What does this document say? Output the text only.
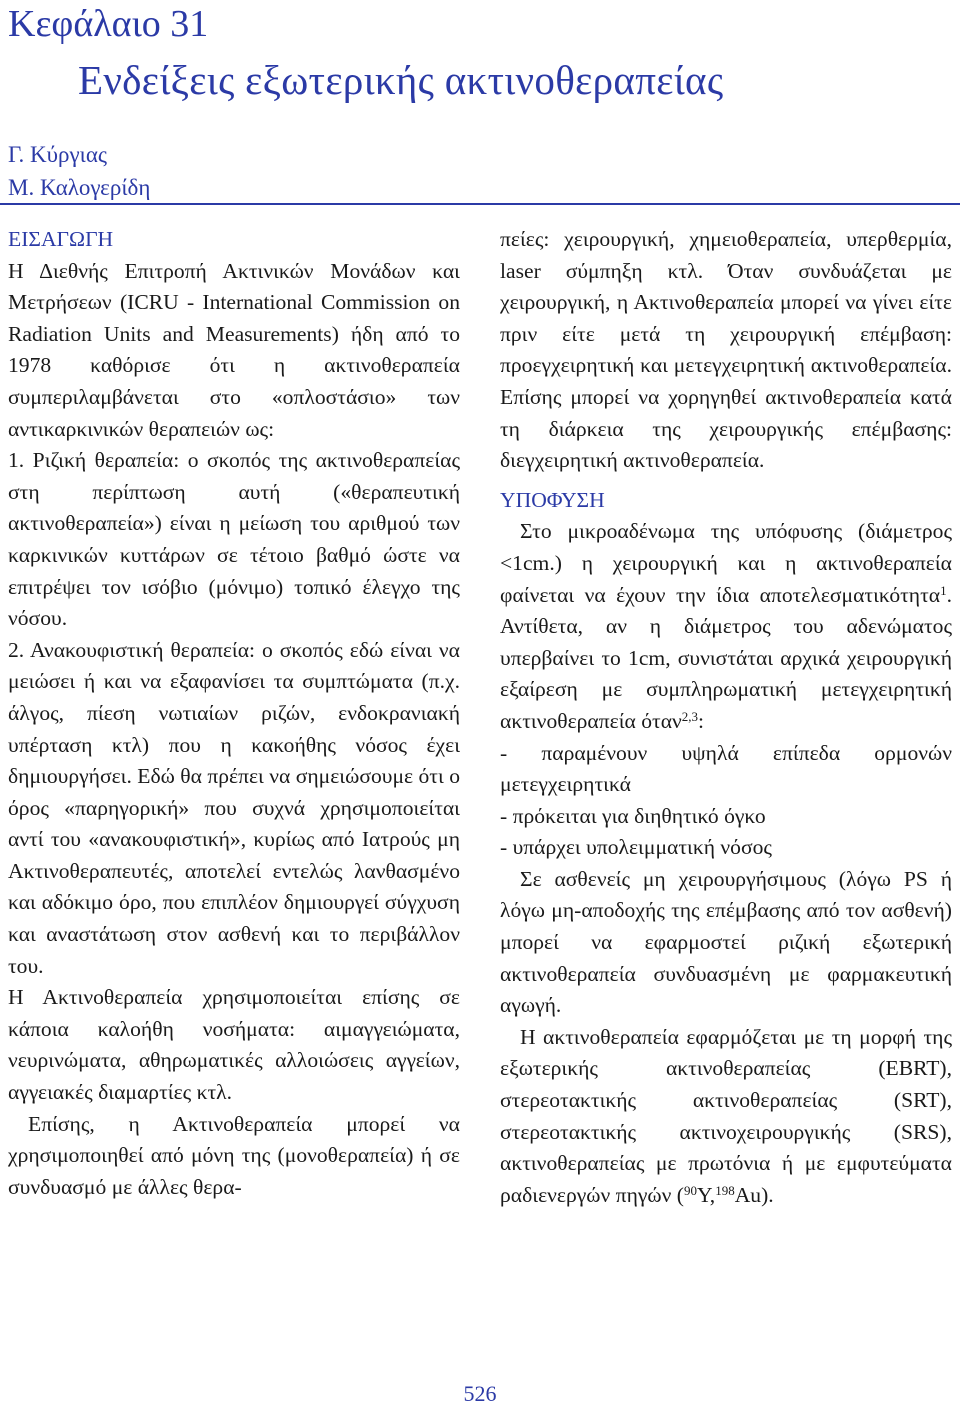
Κεφάλαιο 31
Ενδείξεις εξωτερικής ακτινοθεραπείας
Γ. Κύργιας
Μ. Καλογερίδη

ΕΙΣΑΓΩΓΗ

Η Διεθνής Επιτροπή Ακτινικών Μονάδων και Μετρήσεων (ICRU - International Commission on Radiation Units and Measurements) ήδη από το 1978 καθόρισε ότι η ακτινοθεραπεία συμπεριλαμβάνεται στο «οπλοστάσιο» των αντικαρκινικών θεραπειών ως:

1. Ριζική θεραπεία: ο σκοπός της ακτινοθεραπείας στη περίπτωση αυτή («θεραπευτική ακτινοθεραπεία») είναι η μείωση του αριθμού των καρκινικών κυττάρων σε τέτοιο βαθμό ώστε να επιτρέψει τον ισόβιο (μόνιμο) τοπικό έλεγχο της νόσου.

2. Ανακουφιστική θεραπεία: ο σκοπός εδώ είναι να μειώσει ή και να εξαφανίσει τα συμπτώματα (π.χ. άλγος, πίεση νωτιαίων ριζών, ενδοκρανιακή υπέρταση κτλ) που η κακοήθης νόσος έχει δημιουργήσει. Εδώ θα πρέπει να σημειώσουμε ότι ο όρος «παρηγορική» που συχνά χρησιμοποιείται αντί του «ανακουφιστική», κυρίως από Ιατρούς μη Ακτινοθεραπευτές, αποτελεί εντελώς λανθασμένο και αδόκιμο όρο, που επιπλέον δημιουργεί σύγχυση και αναστάτωση στον ασθενή και το περιβάλλον του.

Η Ακτινοθεραπεία χρησιμοποιείται επίσης σε κάποια καλοήθη νοσήματα: αιμαγγειώματα, νευρινώματα, αθηρωματικές αλλοιώσεις αγγείων, αγγειακές διαμαρτίες κτλ.

Επίσης, η Ακτινοθεραπεία μπορεί να χρησιμοποιηθεί από μόνη της (μονοθεραπεία) ή σε συνδυασμό με άλλες θερα-

πείες: χειρουργική, χημειοθεραπεία, υπερθερμία, laser σύμπηξη κτλ. Όταν συνδυάζεται με χειρουργική, η Ακτινοθεραπεία μπορεί να γίνει είτε πριν είτε μετά τη χειρουργική επέμβαση: προεγχειρητική και μετεγχειρητική ακτινοθεραπεία. Επίσης μπορεί να χορηγηθεί ακτινοθεραπεία κατά τη διάρκεια της χειρουργικής επέμβασης: διεγχειρητική ακτινοθεραπεία.

ΥΠΟΦΥΣΗ

Στο μικροαδένωμα της υπόφυσης (διάμετρος <1cm.) η χειρουργική και η ακτινοθεραπεία φαίνεται να έχουν την ίδια αποτελεσματικότητα$^1$. Αντίθετα, αν η διάμετρος του αδενώματος υπερβαίνει το 1cm, συνιστάται αρχικά χειρουργική εξαίρεση με συμπληρωματική μετεγχειρητική ακτινοθεραπεία όταν$^{2,3}$:

- παραμένουν υψηλά επίπεδα ορμονών μετεγχειρητικά

- πρόκειται για διηθητικό όγκο

- υπάρχει υπολειμματική νόσος

Σε ασθενείς μη χειρουργήσιμους (λόγω PS ή λόγω μη-αποδοχής της επέμβασης από τον ασθενή) μπορεί να εφαρμοστεί ριζική εξωτερική ακτινοθεραπεία συνδυασμένη με φαρμακευτική αγωγή.

Η ακτινοθεραπεία εφαρμόζεται με τη μορφή της εξωτερικής ακτινοθεραπείας (EBRT), στερεοτακτικής ακτινοθεραπείας (SRT), στερεοτακτικής ακτινοχειρουργικής (SRS), ακτινοθεραπείας με πρωτόνια ή με εμφυτεύματα ραδιενεργών πηγών ($^{90}$Y,$^{198}$Au).

526
